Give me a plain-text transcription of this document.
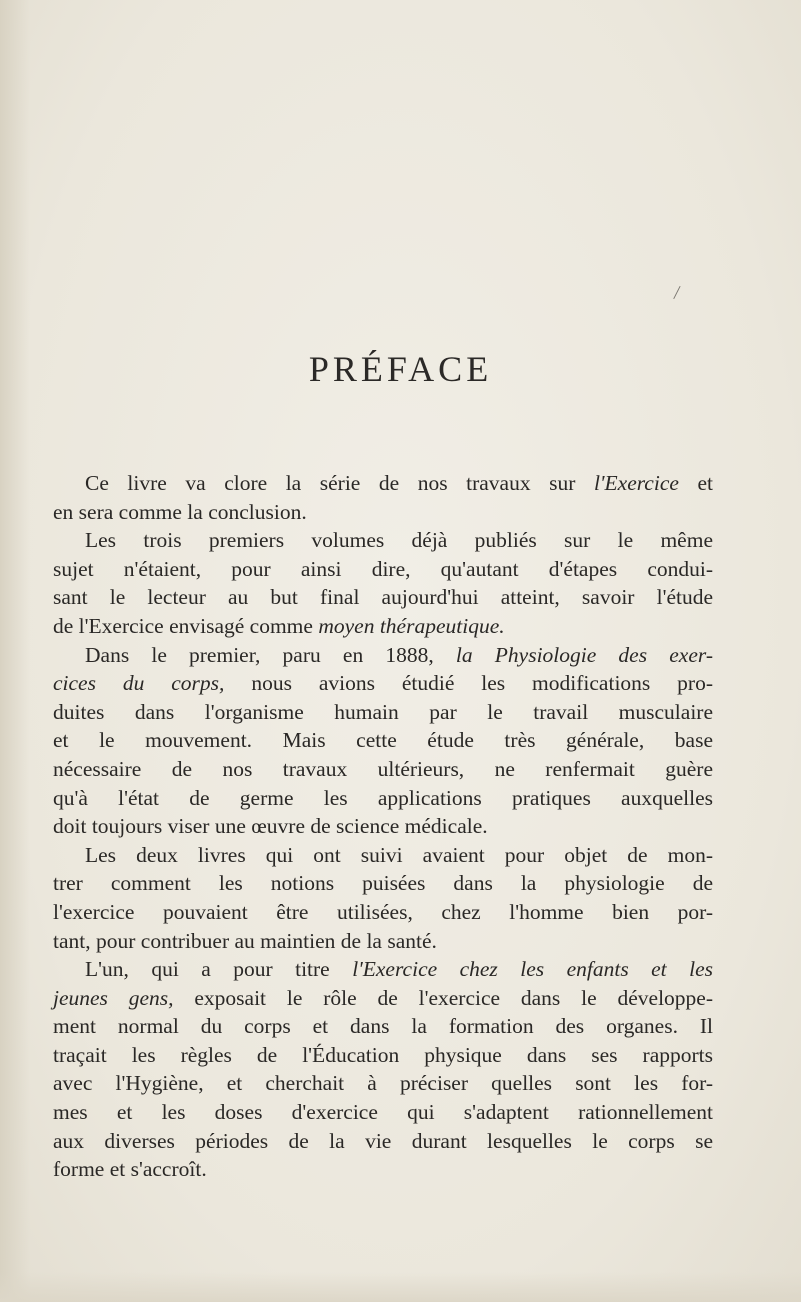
/
PRÉFACE
Ce livre va clore la série de nos travaux sur l'Exercice et
en sera comme la conclusion.
Les trois premiers volumes déjà publiés sur le même
sujet n'étaient, pour ainsi dire, qu'autant d'étapes condui-
sant le lecteur au but final aujourd'hui atteint, savoir l'étude
de l'Exercice envisagé comme moyen thérapeutique.
Dans le premier, paru en 1888, la Physiologie des exer-
cices du corps, nous avions étudié les modifications pro-
duites dans l'organisme humain par le travail musculaire
et le mouvement. Mais cette étude très générale, base
nécessaire de nos travaux ultérieurs, ne renfermait guère
qu'à l'état de germe les applications pratiques auxquelles
doit toujours viser une œuvre de science médicale.
Les deux livres qui ont suivi avaient pour objet de mon-
trer comment les notions puisées dans la physiologie de
l'exercice pouvaient être utilisées, chez l'homme bien por-
tant, pour contribuer au maintien de la santé.
L'un, qui a pour titre l'Exercice chez les enfants et les
jeunes gens, exposait le rôle de l'exercice dans le développe-
ment normal du corps et dans la formation des organes. Il
traçait les règles de l'Éducation physique dans ses rapports
avec l'Hygiène, et cherchait à préciser quelles sont les for-
mes et les doses d'exercice qui s'adaptent rationnellement
aux diverses périodes de la vie durant lesquelles le corps se
forme et s'accroît.
